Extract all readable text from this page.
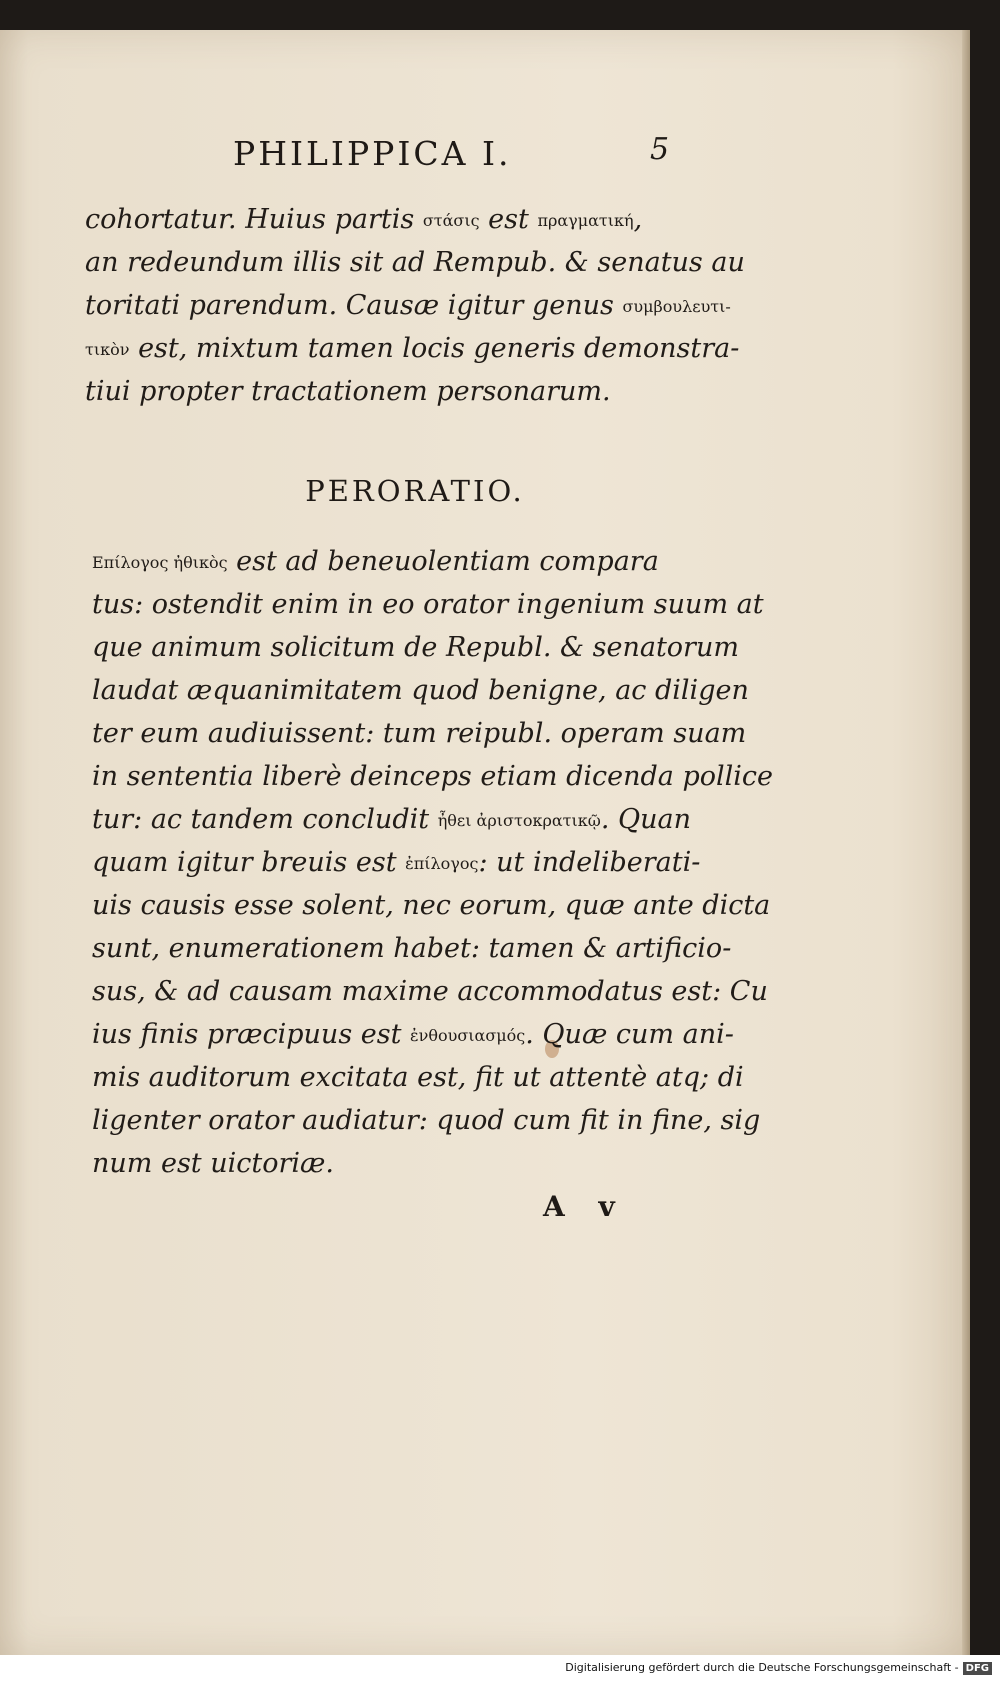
PHILIPPICA I.	5
cohortatur. Huius partis στάσις est πραγματική,
an redeundum illis sit ad Rempub. & senatus au
toritati parendum. Causæ igitur genus συμβουλευτι-
τικὸν est, mixtum tamen locis generis demonstra-
tiui propter tractationem personarum.
PERORATIO.
Επίλογος ἠθικὸς est ad beneuolentiam compara
tus: ostendit enim in eo orator ingenium suum at
que animum solicitum de Republ. & senatorum
laudat æquanimitatem quod benigne, ac diligen
ter eum audiuissent: tum reipubl. operam suam
in sententia liberè deinceps etiam dicenda pollice
tur: ac tandem concludit ἦθει ἀριστοκρατικῷ. Quan
quam igitur breuis est ἐπίλογος: ut indeliberati-
uis causis esse solent, nec eorum, quæ ante dicta
sunt, enumerationem habet: tamen & artificio-
sus, & ad causam maxime accommodatus est: Cu
ius finis præcipuus est ἐνθουσιασμός. Quæ cum ani-
mis auditorum excitata est, fit ut attentè atq; di
ligenter orator audiatur: quod cum fit in fine, sig
num est uictoriæ.
A v
Digitalisierung gefördert durch die Deutsche Forschungsgemeinschaft - DFG
